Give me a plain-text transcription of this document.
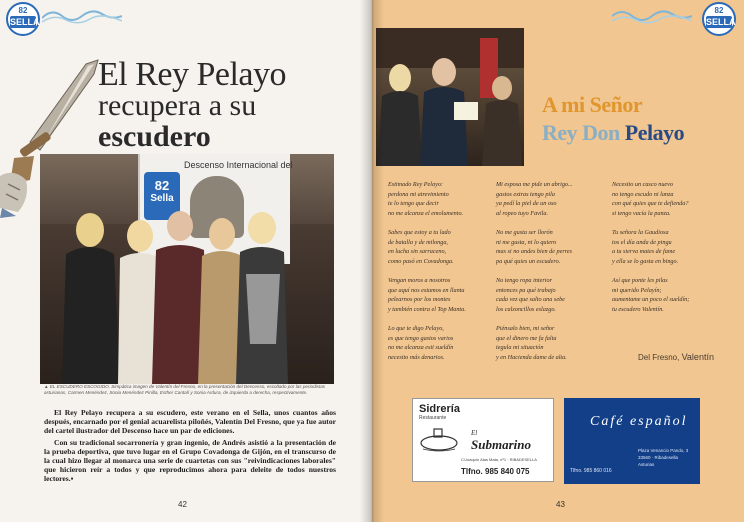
82
SELLA
El Rey Pelayo
recupera a su
escudero
82
Sella
Descenso Internacional del
▲ EL ESCUDERO ESCOGIDO. Simpática imagen de Valentín del Fresno, en la presentación del Descenso, escoltado por las periodistas asturianas, Carmen Menéndez, Sonia Menéndez Pinilla, Esther Cantalí y Sonia Ardura, de izquierda a derecha, respectivamente.

El Rey Pelayo recupera a su escudero, este verano en el Sella, unos cuantos años después, encarnado por el genial acuarelista piloñés, Valentín Del Fresno, que ya fue autor del cartel ilustrador del Descenso hace un par de ediciones.

Con su tradicional socarronería y gran ingenio, de Andrés asistió a la presentación de la prueba deportiva, que tuvo lugar en el Grupo Covadonga de Gijón, en el transcurso de la cual hizo llegar al monarca una serie de cuartetas con sus "reivindicaciones laborales" que hicieron reír a todos y que reproducimos ahora para deleite de todos nuestros lectores.▪

42
82
SELLA
A mi Señor
Rey Don Pelayo
Estimado Rey Pelayo:
perdona mi atrevimiento
te lo tengo que decir
no me alcanza el emolumento.
Sabes que estoy a tu lado
de batalla y de milonga,
en lucha sin sarraceno,
como pasó en Covadonga.
Vengan moros a nosotros
que aquí nos estamos en llanta
pelearnos por los montes
y también contra el Top Manta.
Lo que te digo Pelayo,
es que tengo gastos varios
no me alcanza esti sueldín
necesito más denarios.
Mi esposa me pide un abrigo...
gastos extras tengo pila
ya pedí la piel de un oso
al ropeo tuyo Favila.
No me gusta ser llorón
ni me gusta, ni lo quiero
mas si no andes bien de perres
pa qué quies un escudero.
No tengo ropa interior
entonces pa qué trabajo
cada vez que salto una sebe
los calzoncillos eslazgo.
Piénsalo bien, mi señor
que el dinero me fa falta
tegula mi situación
y en Hacienda dame de alta.
Necesito un casco nuevo
no tengo escudo ni lanza
con qué quies que te defienda?
si tengo vacía la panza.
Tu señora la Gaudiosa
tos el día anda de pingu
a tu sierva mates de fame
y ella se lo gasta en bingo.
Así que ponte les pilas
mi querido Pelayín;
aumentame un poco el sueldín;
tu escudero Valentín.
Del Fresno, Valentín
Sidrería
Restaurante
El
Submarino
C/Joaquín Alas Mata, nº1 · RIBADESELLA
Tlfno. 985 840 075
Café español
Plaza Venancio Pando, 3
33560 · Ribadesella
Asturias
Tlfno. 985 860 016
43
